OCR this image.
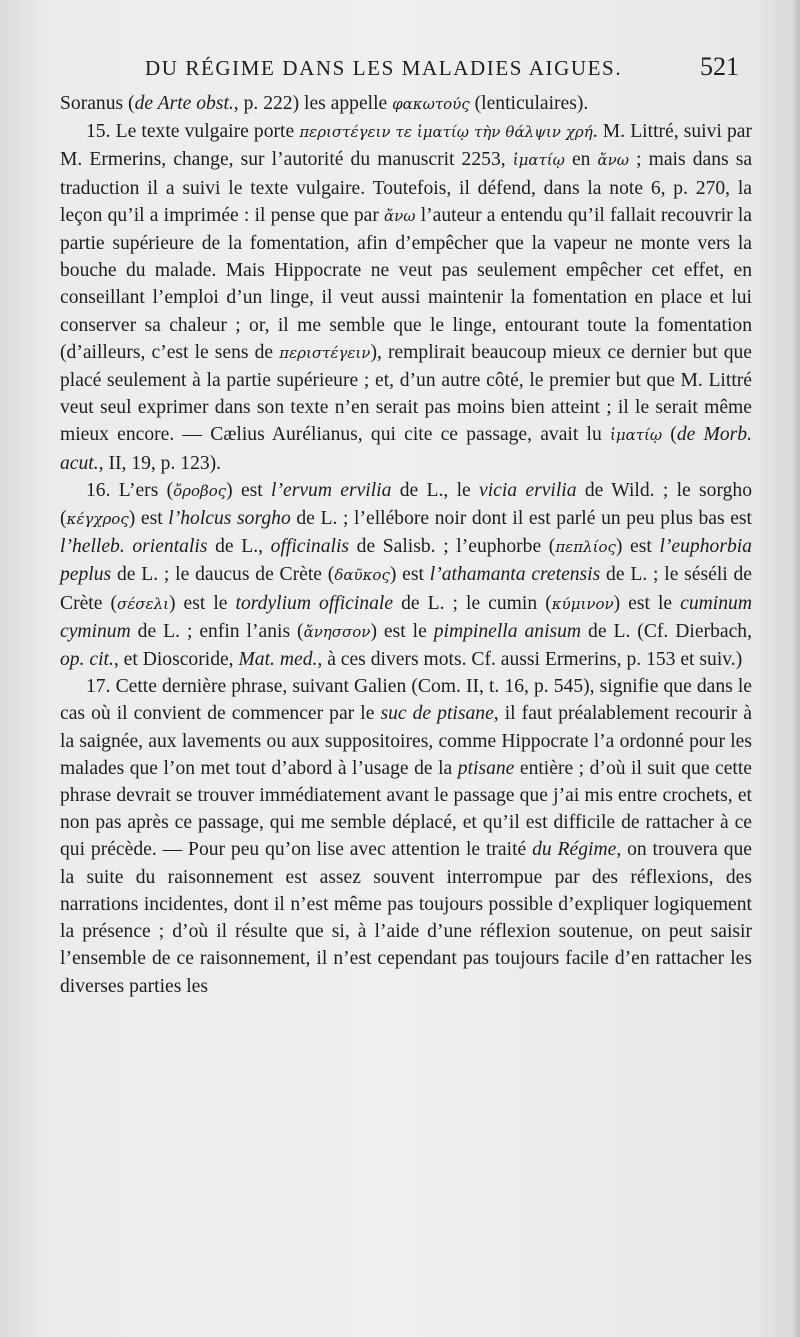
DU RÉGIME DANS LES MALADIES AIGUES.	521

Soranus (de Arte obst., p. 222) les appelle φακωτούς (lenticulaires).

15. Le texte vulgaire porte περιστέγειν τε ἱματίῳ τὴν θάλψιν χρή. M. Littré, suivi par M. Ermerins, change, sur l’autorité du manuscrit 2253, ἱματίῳ en ἄνω ; mais dans sa traduction il a suivi le texte vulgaire. Toutefois, il défend, dans la note 6, p. 270, la leçon qu’il a imprimée : il pense que par ἄνω l’auteur a entendu qu’il fallait recouvrir la partie supérieure de la fomentation, afin d’empêcher que la vapeur ne monte vers la bouche du malade. Mais Hippocrate ne veut pas seulement empêcher cet effet, en conseillant l’emploi d’un linge, il veut aussi maintenir la fomentation en place et lui conserver sa chaleur ; or, il me semble que le linge, entourant toute la fomentation (d’ailleurs, c’est le sens de περιστέγειν), remplirait beaucoup mieux ce dernier but que placé seulement à la partie supérieure ; et, d’un autre côté, le premier but que M. Littré veut seul exprimer dans son texte n’en serait pas moins bien atteint ; il le serait même mieux encore. — Cælius Aurélianus, qui cite ce passage, avait lu ἱματίῳ (de Morb. acut., II, 19, p. 123).

16. L’ers (ὄροβος) est l’ervum ervilia de L., le vicia ervilia de Wild. ; le sorgho (κέγχρος) est l’holcus sorgho de L. ; l’ellébore noir dont il est parlé un peu plus bas est l’helleb. orientalis de L., officinalis de Salisb. ; l’euphorbe (πεπλίος) est l’euphorbia peplus de L. ; le daucus de Crète (δαῦκος) est l’athamanta cretensis de L. ; le séséli de Crète (σέσελι) est le tordylium officinale de L. ; le cumin (κύμινον) est le cuminum cyminum de L. ; enfin l’anis (ἄνησσον) est le pimpinella anisum de L. (Cf. Dierbach, op. cit., et Dioscoride, Mat. med., à ces divers mots. Cf. aussi Ermerins, p. 153 et suiv.)

17. Cette dernière phrase, suivant Galien (Com. II, t. 16, p. 545), signifie que dans le cas où il convient de commencer par le suc de ptisane, il faut préalablement recourir à la saignée, aux lavements ou aux suppositoires, comme Hippocrate l’a ordonné pour les malades que l’on met tout d’abord à l’usage de la ptisane entière ; d’où il suit que cette phrase devrait se trouver immédiatement avant le passage que j’ai mis entre crochets, et non pas après ce passage, qui me semble déplacé, et qu’il est difficile de rattacher à ce qui précède. — Pour peu qu’on lise avec attention le traité du Régime, on trouvera que la suite du raisonnement est assez souvent interrompue par des réflexions, des narrations incidentes, dont il n’est même pas toujours possible d’expliquer logiquement la présence ; d’où il résulte que si, à l’aide d’une réflexion soutenue, on peut saisir l’ensemble de ce raisonnement, il n’est cependant pas toujours facile d’en rattacher les diverses parties les
